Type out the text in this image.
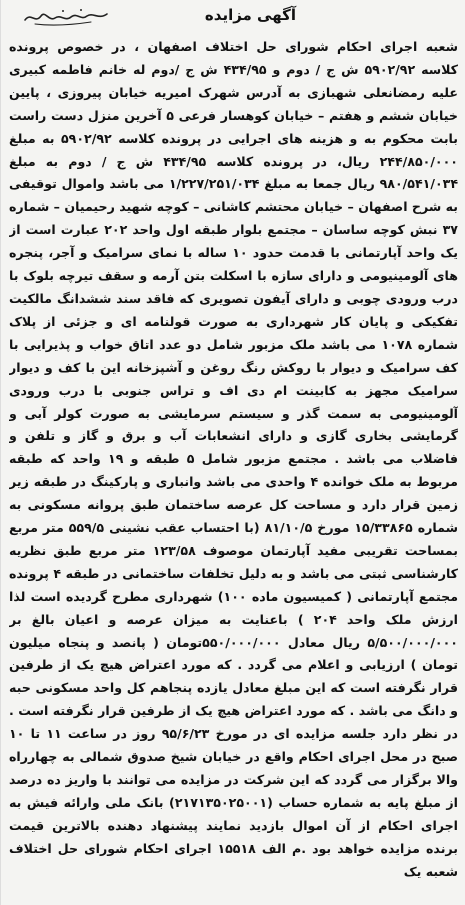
آگهی مزایده

شعبه اجرای احکام شورای حل اختلاف اصفهان ، در خصوص پرونده کلاسه ۵۹۰۲/۹۲ ش ج / دوم و ۴۳۴/۹۵ ش ج /دوم له خانم فاطمه کبیری علیه رمضانعلی شهبازی به آدرس شهرک امیریه خیابان پیروزی ، پایین خیابان ششم و هفتم – خیابان کوهسار فرعی ۵ آخرین منزل دست راست بابت محکوم به و هزینه های اجرایی در پرونده کلاسه ۵۹۰۲/۹۲ به مبلغ ۲۴۴/۸۵۰/۰۰۰ ریال، در پرونده کلاسه ۴۳۴/۹۵ ش ج / دوم به مبلغ ۹۸۰/۵۴۱/۰۳۴ ریال جمعا به مبلغ ۱/۲۲۷/۲۵۱/۰۳۴ می باشد واموال توقیفی به شرح اصفهان – خیابان محتشم کاشانی – کوچه شهید رحیمیان – شماره ۳۷ نبش کوچه ساسان – مجتمع بلوار طبقه اول واحد ۲۰۲ عبارت است از یک واحد آپارتمانی با قدمت حدود ۱۰ ساله با نمای سرامیک و آجر، پنجره های آلومینیومی و دارای سازه با اسکلت بتن آرمه و سقف تیرچه بلوک با درب ورودی چوبی و دارای آیفون تصویری که فاقد سند ششدانگ مالکیت تفکیکی و پایان کار شهرداری به صورت قولنامه ای و جزئی از پلاک شماره ۱۰۷۸ می باشد ملک مزبور شامل دو عدد اتاق خواب و پذیرایی با کف سرامیک و دیوار با روکش رنگ روغن و آشپزخانه این با کف و دیوار سرامیک مجهز به کابینت ام دی اف و تراس جنوبی با درب ورودی آلومینیومی به سمت گذر و سیستم سرمایشی به صورت کولر آبی و گرمایشی بخاری گازی و دارای انشعابات آب و برق و گاز و تلفن و فاضلاب می باشد . مجتمع مزبور شامل ۵ طبقه و ۱۹ واحد که طبقه مربوط به ملک خوانده ۴ واحدی می باشد وانباری و پارکینگ در طبقه زیر زمین قرار دارد و مساحت کل عرصه ساختمان طبق پروانه مسکونی به شماره ۱۵/۳۳۸۶۵ مورخ ۸۱/۱۰/۵ (با احتساب عقب نشینی ۵۵۹/۵ متر مربع بمساحت تقریبی مفید آپارتمان موصوف ۱۲۳/۵۸ متر مربع طبق نظریه کارشناسی ثبتی می باشد و به دلیل تخلفات ساختمانی در طبقه ۴ پرونده مجتمع آپارتمانی ( کمیسیون ماده ۱۰۰) شهرداری مطرح گردیده است لذا ارزش ملک واحد ۲۰۴ ) باعنایت به میزان عرصه و اعیان بالغ بر ۵/۵۰۰/۰۰۰/۰۰۰ ریال معادل ۵۵۰/۰۰۰/۰۰۰تومان ( پانصد و پنجاه میلیون تومان ) ارزیابی و اعلام می گردد . که مورد اعتراض هیچ یک از طرفین قرار نگرفته است که این مبلغ معادل یازده پنجاهم کل واحد مسکونی حبه و دانگ می باشد . که مورد اعتراض هیچ یک از طرفین قرار نگرفته است . در نظر دارد جلسه مزایده ای در مورخ ۹۵/۶/۲۳ روز در ساعت ۱۱ تا ۱۰ صبح در محل اجرای احکام واقع در خیابان شیخ صدوق شمالی به چهارراه والا برگزار می گردد که این شرکت در مزایده می توانند با واریز ده درصد از مبلغ پایه به شماره حساب (۲۱۷۱۳۵۰۲۵۰۰۱) بانک ملی وارائه فیش به اجرای احکام از آن اموال بازدید نمایند پیشنهاد دهنده بالاترین قیمت برنده مزایده خواهد بود .م الف ۱۵۵۱۸ اجرای احکام شورای حل اختلاف شعبه یک
